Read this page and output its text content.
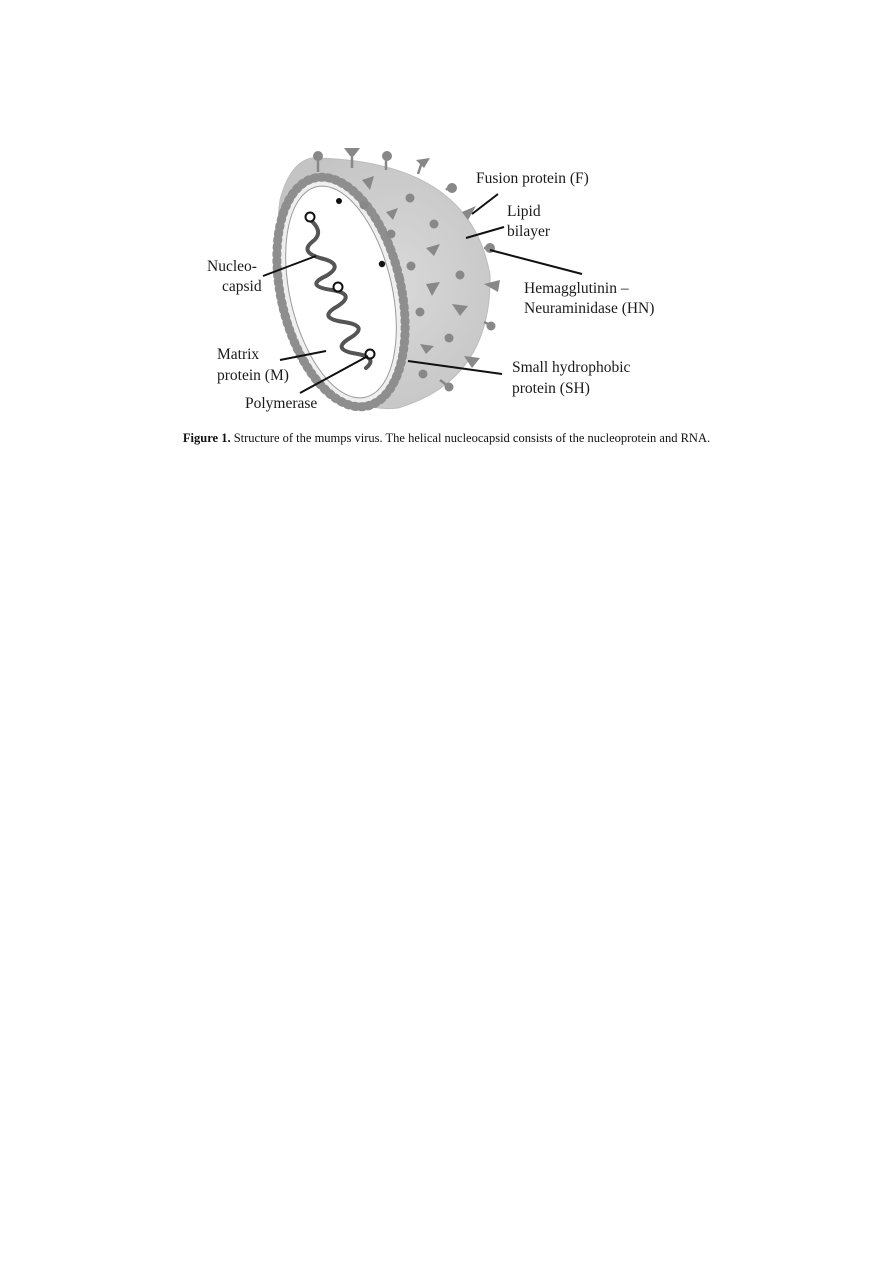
Fusion protein (F)
Lipid
bilayer
Nucleo-
capsid	Hemagglutinin –
Neuraminidase (HN)
Matrix
protein (M)
Polymerase
Small hydrophobic
protein (SH)
Figure 1. Structure of the mumps virus. The helical nucleocapsid consists of the nucleoprotein and RNA.
